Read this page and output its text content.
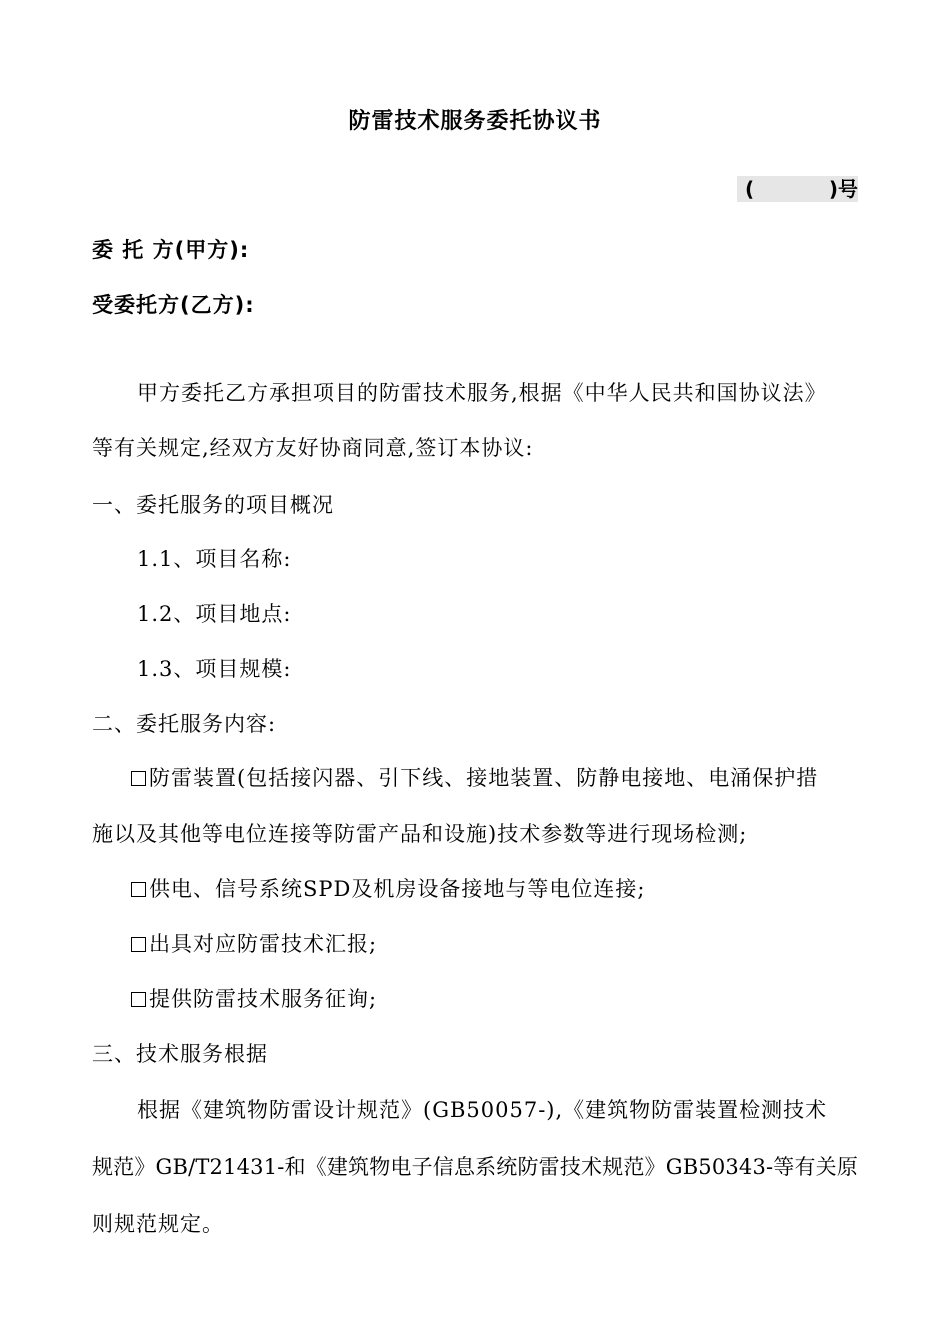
防雷技术服务委托协议书
(	)号
委 托 方(甲方):
受委托方(乙方):
甲方委托乙方承担项目的防雷技术服务,根据《中华人民共和国协议法》
等有关规定,经双方友好协商同意,签订本协议:
一、委托服务的项目概况
1.1、项目名称:
1.2、项目地点:
1.3、项目规模:
二、委托服务内容:
防雷装置(包括接闪器、引下线、接地装置、防静电接地、电涌保护措
施以及其他等电位连接等防雷产品和设施)技术参数等进行现场检测;
供电、信号系统SPD及机房设备接地与等电位连接;
出具对应防雷技术汇报;
提供防雷技术服务征询;
三、技术服务根据
根据《建筑物防雷设计规范》(GB50057-),《建筑物防雷装置检测技术
规范》GB/T21431-和《建筑物电子信息系统防雷技术规范》GB50343-等有关原
则规范规定。
